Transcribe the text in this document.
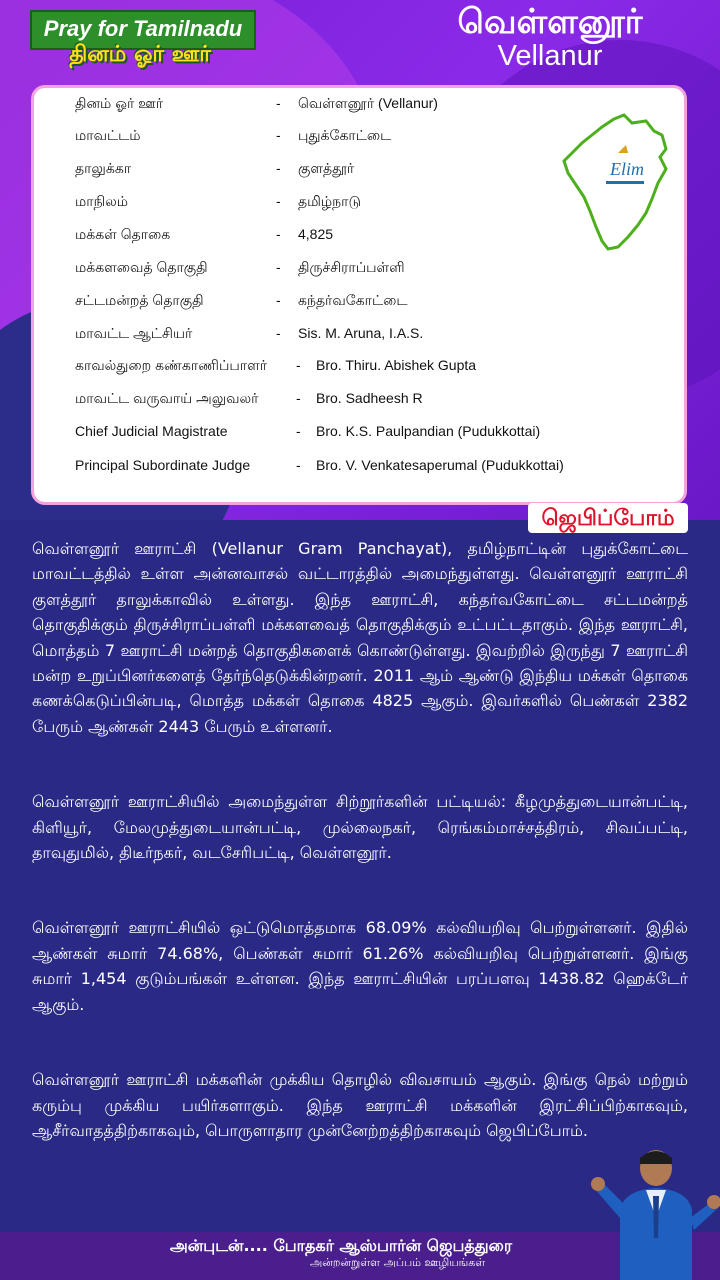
Pray for Tamilnadu
தினம் ஓர் ஊர்
வெள்ளனூர்
Vellanur
Elim
தினம் ஓர் ஊர்	- வெள்ளனூர் (Vellanur)
மாவட்டம்	- புதுக்கோட்டை
தாலுக்கா	- குளத்தூர்
மாநிலம்	- தமிழ்நாடு
மக்கள் தொகை	- 4,825
மக்களவைத் தொகுதி	- திருச்சிராப்பள்ளி
சட்டமன்றத் தொகுதி	- கந்தர்வகோட்டை
மாவட்ட ஆட்சியர்	- Sis. M. Aruna, I.A.S.
காவல்துறை கண்காணிப்பாளர் - Bro. Thiru. Abishek Gupta
மாவட்ட வருவாய் அலுவலர்	- Bro. Sadheesh R
Chief Judicial Magistrate	- Bro. K.S. Paulpandian (Pudukkottai)
Principal Subordinate Judge	- Bro. V. Venkatesaperumal (Pudukkottai)
ஜெபிப்போம்

வெள்ளனூர் ஊராட்சி (Vellanur Gram Panchayat), தமிழ்நாட்டின் புதுக்கோட்டை மாவட்டத்தில் உள்ள அன்னவாசல் வட்டாரத்தில் அமைந்துள்ளது. வெள்ளனூர் ஊராட்சி குளத்தூர் தாலுக்காவில் உள்ளது. இந்த ஊராட்சி, கந்தர்வகோட்டை சட்டமன்றத் தொகுதிக்கும் திருச்சிராப்பள்ளி மக்களவைத் தொகுதிக்கும் உட்பட்டதாகும். இந்த ஊராட்சி, மொத்தம் 7 ஊராட்சி மன்றத் தொகுதிகளைக் கொண்டுள்ளது. இவற்றில் இருந்து 7 ஊராட்சி மன்ற உறுப்பினர்களைத் தேர்ந்தெடுக்கின்றனர். 2011 ஆம் ஆண்டு இந்திய மக்கள் தொகை கணக்கெடுப்பின்படி, மொத்த மக்கள் தொகை 4825 ஆகும். இவர்களில் பெண்கள் 2382 பேரும் ஆண்கள் 2443 பேரும் உள்ளனர்.

வெள்ளனூர் ஊராட்சியில் அமைந்துள்ள சிற்றூர்களின் பட்டியல்: கீழமுத்துடையான்பட்டி, கிளியூர், மேலமுத்துடையான்பட்டி, முல்லைநகர், ரெங்கம்மாச்சத்திரம், சிவப்பட்டி, தாவுதுமில், திடீர்நகர், வடசேரிபட்டி, வெள்ளனூர்.

வெள்ளனூர் ஊராட்சியில் ஒட்டுமொத்தமாக 68.09% கல்வியறிவு பெற்றுள்ளனர். இதில் ஆண்கள் சுமார் 74.68%, பெண்கள் சுமார் 61.26% கல்வியறிவு பெற்றுள்ளனர். இங்கு சுமார் 1,454 குடும்பங்கள் உள்ளன. இந்த ஊராட்சியின் பரப்பளவு 1438.82 ஹெக்டேர் ஆகும்.

வெள்ளனூர் ஊராட்சி மக்களின் முக்கிய தொழில் விவசாயம் ஆகும். இங்கு நெல் மற்றும் கரும்பு முக்கிய பயிர்களாகும். இந்த ஊராட்சி மக்களின் இரட்சிப்பிற்காகவும், ஆசீர்வாதத்திற்காகவும், பொருளாதார முன்னேற்றத்திற்காகவும் ஜெபிப்போம்.

அன்புடன்.... போதகர் ஆஸ்பார்ன் ஜெபத்துரை
அன்றன்றுள்ள அப்பம் ஊழியங்கள்
